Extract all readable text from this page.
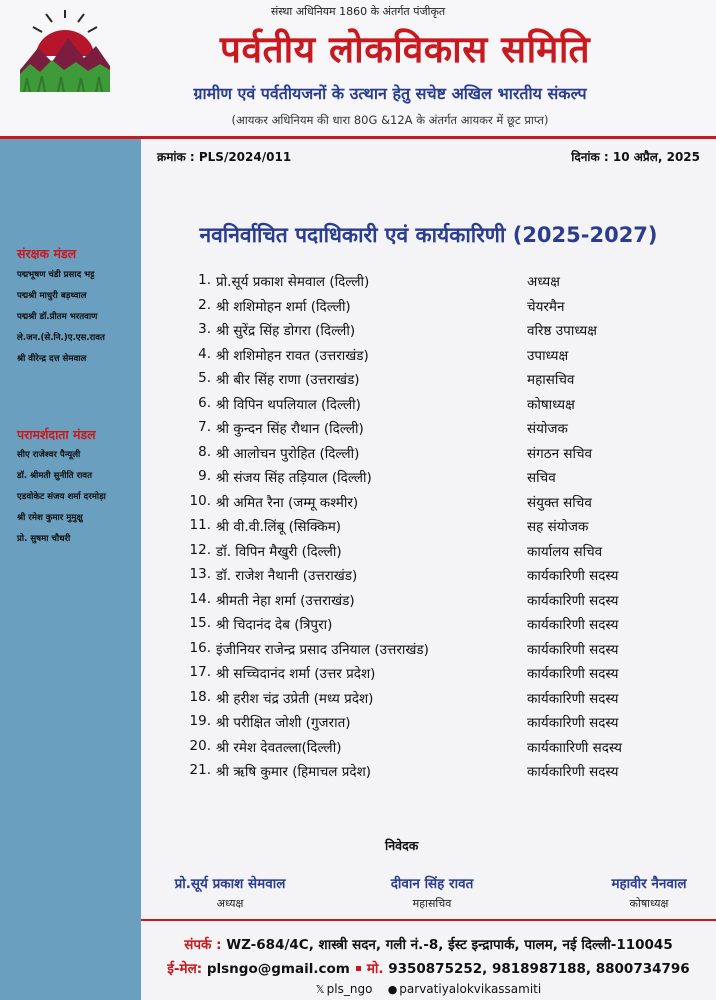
संस्था अधिनियम 1860 के अंतर्गत पंजीकृत
पर्वतीय लोकविकास समिति
ग्रामीण एवं पर्वतीयजनों के उत्थान हेतु सचेष्ट अखिल भारतीय संकल्प
(आयकर अधिनियम की धारा 80G &12A के अंतर्गत आयकर में छूट प्राप्त)
संरक्षक मंडल
पद्मभूषण चंडी प्रसाद भट्ट
पद्मश्री माधुरी बड़थ्वाल
पद्मश्री डॉ.प्रीतम भरतवाण
ले.जन.(से.नि.)ए.एस.रावत
श्री वीरेन्द्र दत्त सेमवाल
परामर्शदाता मंडल
सीए राजेश्वर पैन्यूली
डॉ. श्रीमती सुनीति रावत
एडवोकेट संजय शर्मा दरमोड़ा
श्री रमेश कुमार मुमुक्षु
प्रो. सुषमा चौधरी
क्रमांक : PLS/2024/011	दिनांक : 10 अप्रैल, 2025
नवनिर्वाचित पदाधिकारी एवं कार्यकारिणी (2025-2027)
1. प्रो.सूर्य प्रकाश सेमवाल (दिल्ली)	अध्यक्ष
2. श्री शशिमोहन शर्मा (दिल्ली)	चेयरमैन
3. श्री सुरेंद्र सिंह डोगरा (दिल्ली)	वरिष्ठ उपाध्यक्ष
4. श्री शशिमोहन रावत (उत्तराखंड)	उपाध्यक्ष
5. श्री बीर सिंह राणा (उत्तराखंड)	महासचिव
6. श्री विपिन थपलियाल (दिल्ली)	कोषाध्यक्ष
7. श्री कुन्दन सिंह रौथान (दिल्ली)	संयोजक
8. श्री आलोचन पुरोहित (दिल्ली)	संगठन सचिव
9. श्री संजय सिंह तड़ियाल (दिल्ली)	सचिव
10. श्री अमित रैना (जम्मू कश्मीर)	संयुक्त सचिव
11. श्री वी.वी.लिंबू (सिक्किम)	सह संयोजक
12. डॉ. विपिन मैखुरी (दिल्ली)	कार्यालय सचिव
13. डॉ. राजेश नैथानी (उत्तराखंड)	कार्यकारिणी सदस्य
14. श्रीमती नेहा शर्मा (उत्तराखंड)	कार्यकारिणी सदस्य
15. श्री चिदानंद देब (त्रिपुरा)	कार्यकारिणी सदस्य
16. इंजीनियर राजेन्द्र प्रसाद उनियाल (उत्तराखंड)	कार्यकारिणी सदस्य
17. श्री सच्चिदानंद शर्मा (उत्तर प्रदेश)	कार्यकारिणी सदस्य
18. श्री हरीश चंद्र उप्रेती (मध्य प्रदेश)	कार्यकारिणी सदस्य
19. श्री परीक्षित जोशी (गुजरात)	कार्यकारिणी सदस्य
20. श्री रमेश देवतल्ला(दिल्ली)	कार्यकाारिणी सदस्य
21. श्री ऋषि कुमार (हिमाचल प्रदेश)	कार्यकारिणी सदस्य
निवेदक
प्रो.सूर्य प्रकाश सेमवाल
अध्यक्ष
दीवान सिंह रावत
महासचिव
महावीर नैनवाल
कोषाध्यक्ष
संपर्क : WZ-684/4C, शास्त्री सदन, गली नं.-8, ईस्ट इन्द्रापार्क, पालम, नई दिल्ली-110045
ई-मेल: plsngo@gmail.com मो. 9350875252, 9818987188, 8800734796
𝕏 pls_ngo ● parvatiyalokvikassamiti
